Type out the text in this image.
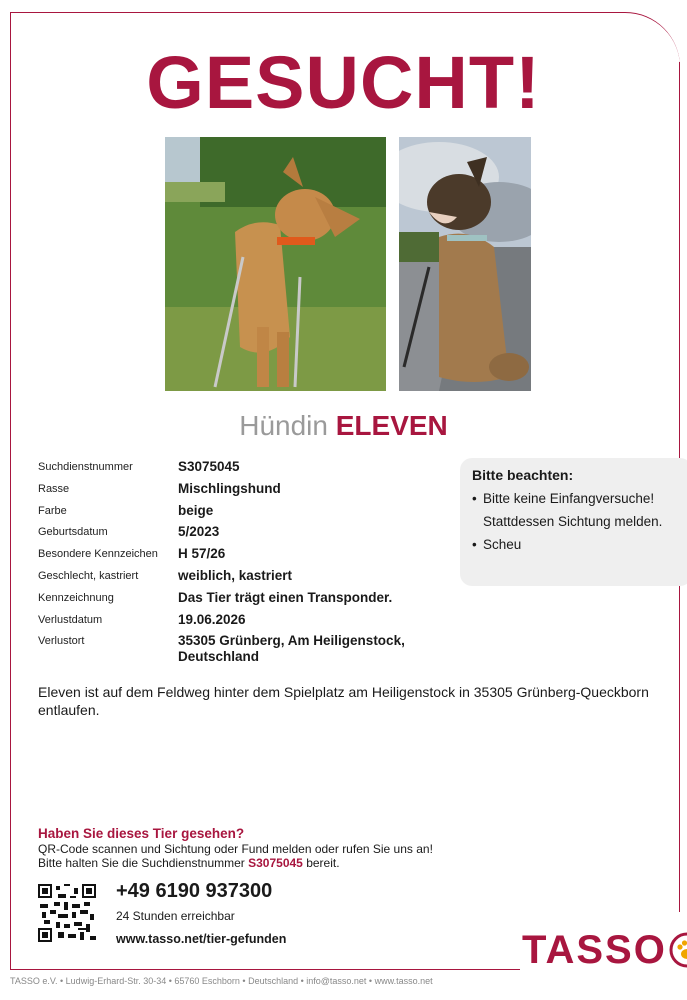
GESUCHT!
Hündin ELEVEN
Suchdienstnummer	S3075045
Rasse	Mischlingshund
Farbe	beige
Geburtsdatum	5/2023
Besondere Kennzeichen	H 57/26
Geschlecht, kastriert	weiblich, kastriert
Kennzeichnung	Das Tier trägt einen Transponder.
Verlustdatum	19.06.2026
Verlustort	35305 Grünberg, Am Heiligenstock, Deutschland
Bitte beachten:
• Bitte keine Einfangversuche! Stattdessen Sichtung melden.
• Scheu
Eleven ist auf dem Feldweg hinter dem Spielplatz am Heiligenstock in 35305 Grünberg-Queckborn entlaufen.
Haben Sie dieses Tier gesehen?
QR-Code scannen und Sichtung oder Fund melden oder rufen Sie uns an!
Bitte halten Sie die Suchdienstnummer S3075045 bereit.
+49 6190 937300
24 Stunden erreichbar
www.tasso.net/tier-gefunden	TASSO
TASSO e.V. • Ludwig-Erhard-Str. 30-34 • 65760 Eschborn • Deutschland • info@tasso.net • www.tasso.net
